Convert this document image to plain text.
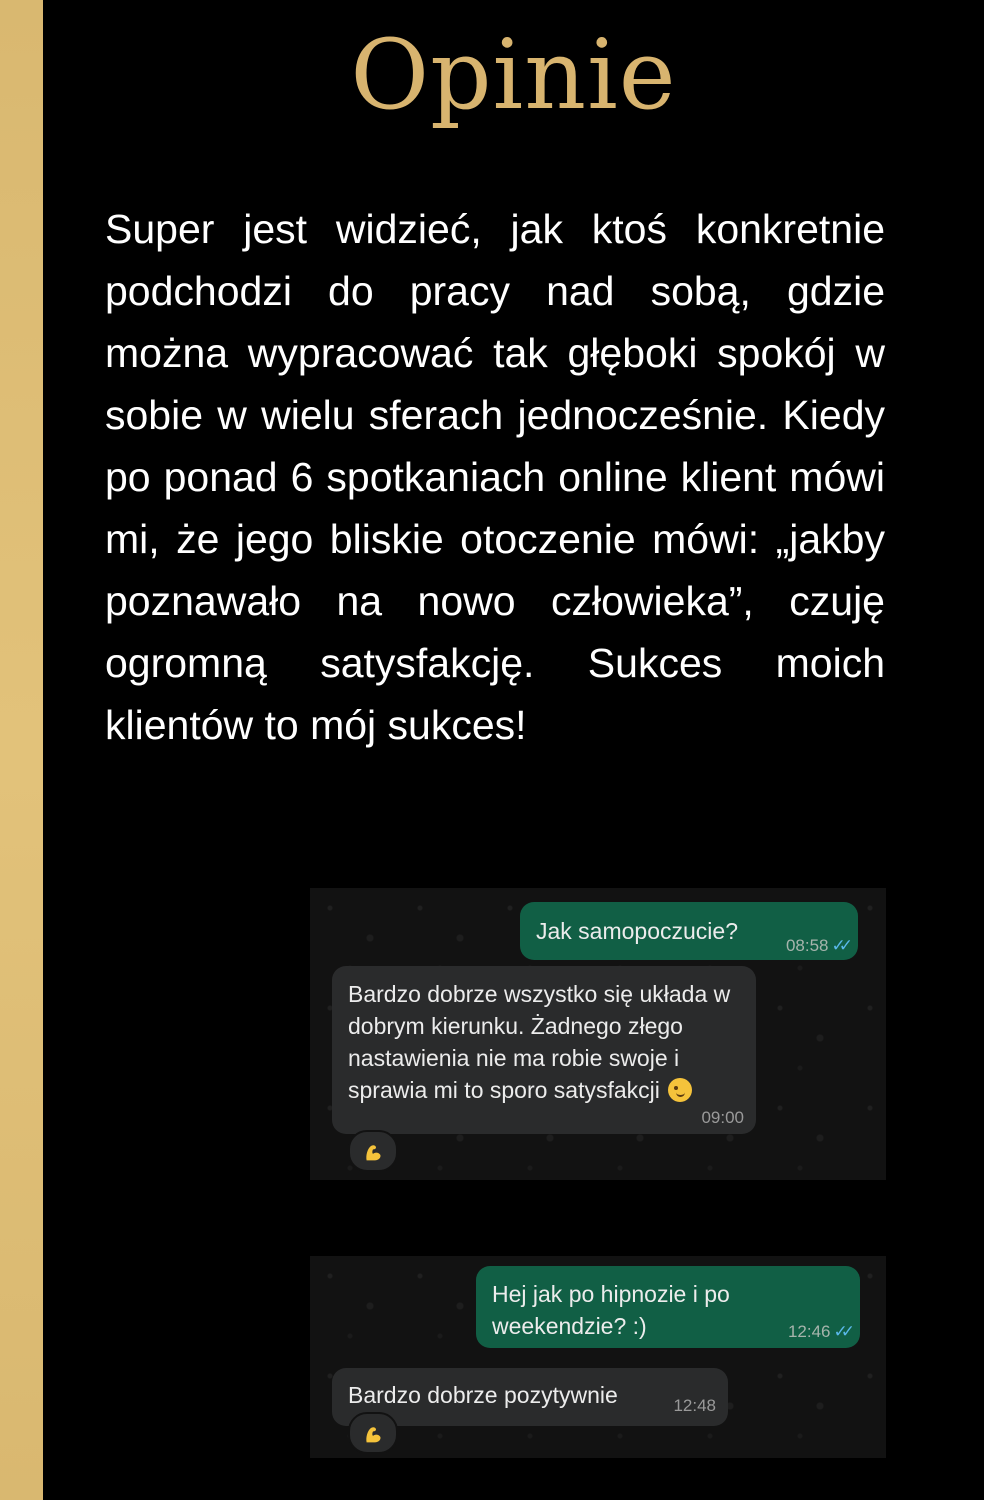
Opinie

Super jest widzieć, jak ktoś konkretnie podchodzi do pracy nad sobą, gdzie można wypracować tak głęboki spokój w sobie w wielu sferach jednocześnie. Kiedy po ponad 6 spotkaniach online klient mówi mi, że jego bliskie otoczenie mówi: „jakby poznawało na nowo człowieka”, czuję ogromną satysfakcję. Sukces moich klientów to mój sukces!

Jak samopoczucie?
08:58 ✓✓
Bardzo dobrze wszystko się układa w dobrym kierunku. Żadnego złego nastawienia nie ma robie swoje i sprawia mi to sporo satysfakcji
09:00
Hej jak po hipnozie i po weekendzie? :)	12:46 ✓✓
Bardzo dobrze pozytywnie	12:48
